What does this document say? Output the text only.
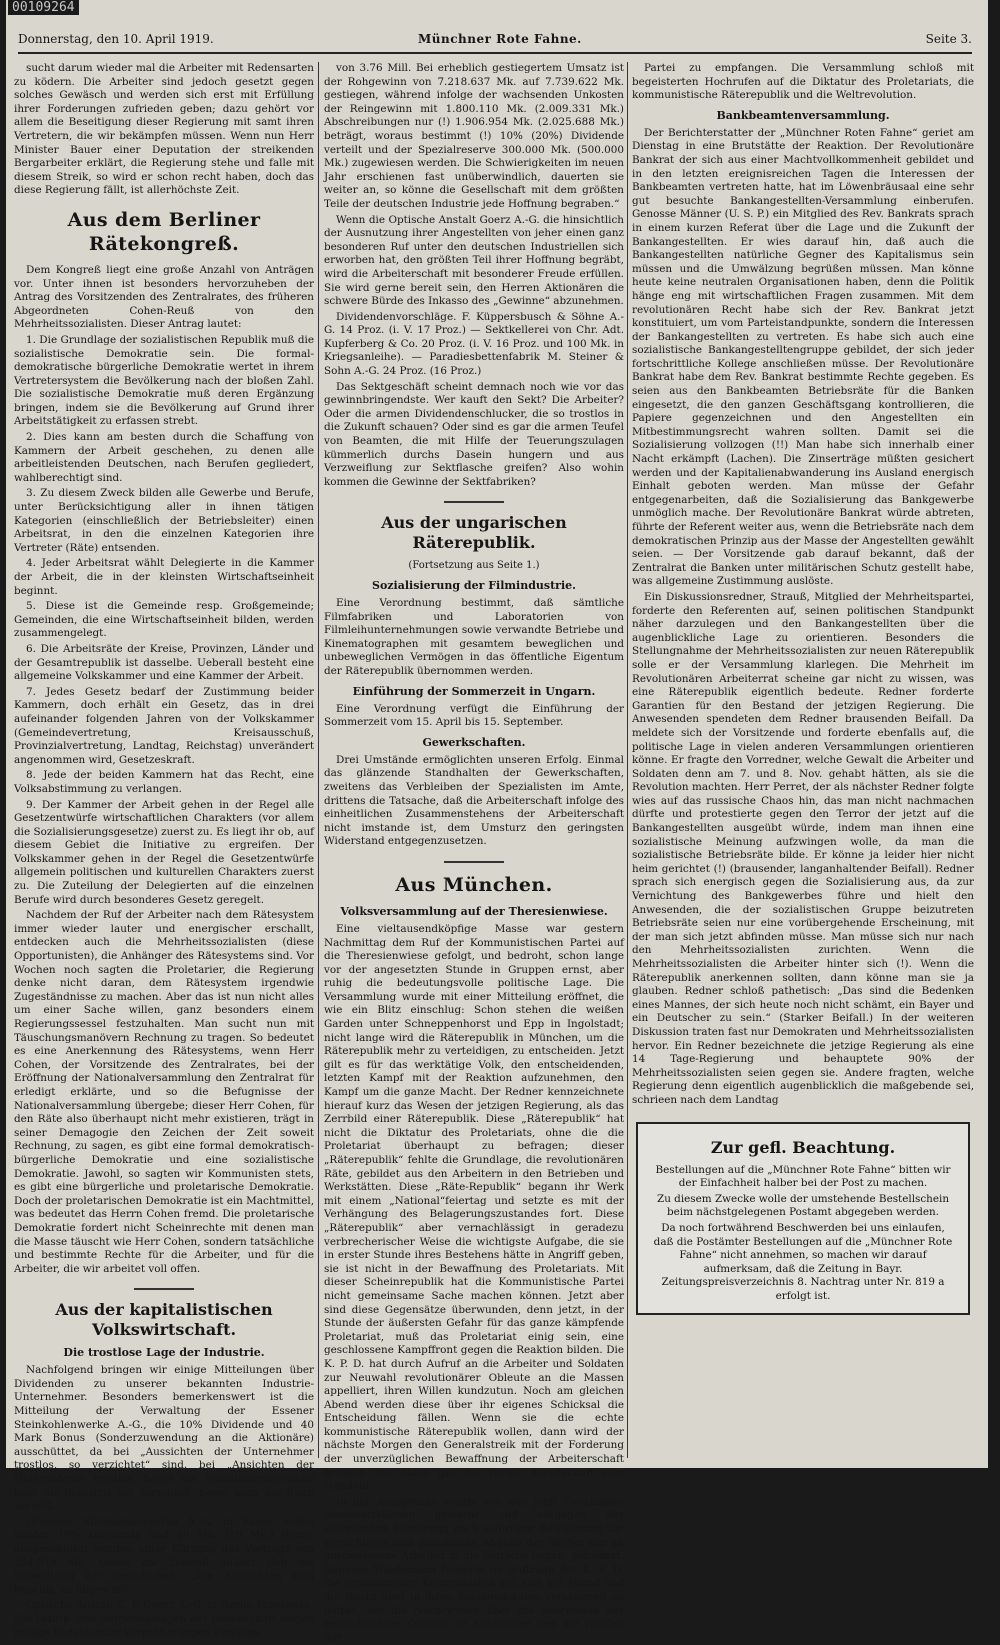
00109264
Donnerstag, den 10. April 1919.	Münchner Rote Fahne.	Seite 3.

sucht darum wieder mal die Arbeiter mit Redensarten zu ködern. Die Arbeiter sind jedoch gesetzt gegen solches Gewäsch und werden sich erst mit Erfüllung ihrer Forderungen zufrieden geben; dazu gehört vor allem die Beseitigung dieser Regierung mit samt ihren Vertretern, die wir bekämpfen müssen. Wenn nun Herr Minister Bauer einer Deputation der streikenden Bergarbeiter erklärt, die Regierung stehe und falle mit diesem Streik, so wird er schon recht haben, doch das diese Regierung fällt, ist allerhöchste Zeit.

Aus dem Berliner Rätekongreß.

Dem Kongreß liegt eine große Anzahl von Anträgen vor. Unter ihnen ist besonders hervorzuheben der Antrag des Vorsitzenden des Zentralrates, des früheren Abgeordneten Cohen-Reuß von den Mehrheitssozialisten. Dieser Antrag lautet:

1. Die Grundlage der sozialistischen Republik muß die sozialistische Demokratie sein. Die formal-demokratische bürgerliche Demokratie wertet in ihrem Vertretersystem die Bevölkerung nach der bloßen Zahl. Die sozialistische Demokratie muß deren Ergänzung bringen, indem sie die Bevölkerung auf Grund ihrer Arbeitstätigkeit zu erfassen strebt.

2. Dies kann am besten durch die Schaffung von Kammern der Arbeit geschehen, zu denen alle arbeitleistenden Deutschen, nach Berufen gegliedert, wahlberechtigt sind.

3. Zu diesem Zweck bilden alle Gewerbe und Berufe, unter Berücksichtigung aller in ihnen tätigen Kategorien (einschließlich der Betriebsleiter) einen Arbeitsrat, in den die einzelnen Kategorien ihre Vertreter (Räte) entsenden.

4. Jeder Arbeitsrat wählt Delegierte in die Kammer der Arbeit, die in der kleinsten Wirtschaftseinheit beginnt.

5. Diese ist die Gemeinde resp. Großgemeinde; Gemeinden, die eine Wirtschaftseinheit bilden, werden zusammengelegt.

6. Die Arbeitsräte der Kreise, Provinzen, Länder und der Gesamtrepublik ist dasselbe. Ueberall besteht eine allgemeine Volkskammer und eine Kammer der Arbeit.

7. Jedes Gesetz bedarf der Zustimmung beider Kammern, doch erhält ein Gesetz, das in drei aufeinander folgenden Jahren von der Volkskammer (Gemeindevertretung, Kreisausschuß, Provinzialvertretung, Landtag, Reichstag) unverändert angenommen wird, Gesetzeskraft.

8. Jede der beiden Kammern hat das Recht, eine Volksabstimmung zu verlangen.

9. Der Kammer der Arbeit gehen in der Regel alle Gesetzentwürfe wirtschaftlichen Charakters (vor allem die Sozialisierungsgesetze) zuerst zu. Es liegt ihr ob, auf diesem Gebiet die Initiative zu ergreifen. Der Volkskammer gehen in der Regel die Gesetzentwürfe allgemein politischen und kulturellen Charakters zuerst zu. Die Zuteilung der Delegierten auf die einzelnen Berufe wird durch besonderes Gesetz geregelt.

Nachdem der Ruf der Arbeiter nach dem Rätesystem immer wieder lauter und energischer erschallt, entdecken auch die Mehrheitssozialisten (diese Opportunisten), die Anhänger des Rätesystems sind. Vor Wochen noch sagten die Proletarier, die Regierung denke nicht daran, dem Rätesystem irgendwie Zugeständnisse zu machen. Aber das ist nun nicht alles um einer Sache willen, ganz besonders einem Regierungssessel festzuhalten. Man sucht nun mit Täuschungsmanövern Rechnung zu tragen. So bedeutet es eine Anerkennung des Rätesystems, wenn Herr Cohen, der Vorsitzende des Zentralrates, bei der Eröffnung der Nationalversammlung den Zentralrat für erledigt erklärte, und so die Befugnisse der Nationalversammlung übergebe; dieser Herr Cohen, für den Räte also überhaupt nicht mehr existieren, trägt in seiner Demagogie den Zeichen der Zeit soweit Rechnung, zu sagen, es gibt eine formal demokratisch-bürgerliche Demokratie und eine sozialistische Demokratie. Jawohl, so sagten wir Kommunisten stets, es gibt eine bürgerliche und proletarische Demokratie. Doch der proletarischen Demokratie ist ein Machtmittel, was bedeutet das Herrn Cohen fremd. Die proletarische Demokratie fordert nicht Scheinrechte mit denen man die Masse täuscht wie Herr Cohen, sondern tatsächliche und bestimmte Rechte für die Arbeiter, und für die Arbeiter, die wir arbeitet voll offen.

Aus der kapitalistischen Volkswirtschaft.
Die trostlose Lage der Industrie.

Nachfolgend bringen wir einige Mitteilungen über Dividenden zu unserer bekannten Industrie-Unternehmer. Besonders bemerkenswert ist die Mitteilung der Verwaltung der Essener Steinkohlenwerke A.-G., die 10% Dividende und 40 Mark Bonus (Sonderzuwendung an die Aktionäre) ausschüttet, da bei „Aussichten der Unternehmer trostlos, so verzichtet“ sind. bei „Ansichten der Unternehmer trostlos, bevor die Sozialisierungswelle über die Industrie vor Torschluß, bevor noch der Raub verteilt.

„Essener Steinkohlenwerke A.-G. in Essen sollen wieder 10% Dividende und 40 Mk. (20 Mk.) Bonus ausgeschüttet werden unter Kürzung des Vortrags von 294,918 Mk. Ueber die Zukunft äußert sich die Verwaltung der Gesellschaft: „Die Aussichten sind trostlos, zu ungewiß!“

Optische Anstalt C. P. Goerz A.-G. in Berlin-Friedenau. Die Fabrik- und Betriebsanlagen der Gesellschaft zeigen infolge bedeutender Vergrößerungen Zugänge

von 3.76 Mill. Bei erheblich gestiegertem Umsatz ist der Rohgewinn von 7.218.637 Mk. auf 7.739.622 Mk. gestiegen, während infolge der wachsenden Unkosten der Reingewinn mit 1.800.110 Mk. (2.009.331 Mk.) Abschreibungen nur (!) 1.906.954 Mk. (2.025.688 Mk.) beträgt, woraus bestimmt (!) 10% (20%) Dividende verteilt und der Spezialreserve 300.000 Mk. (500.000 Mk.) zugewiesen werden. Die Schwierigkeiten im neuen Jahr erschienen fast unüberwindlich, dauerten sie weiter an, so könne die Gesellschaft mit dem größten Teile der deutschen Industrie jede Hoffnung begraben.“

Wenn die Optische Anstalt Goerz A.-G. die hinsichtlich der Ausnutzung ihrer Angestellten von jeher einen ganz besonderen Ruf unter den deutschen Industriellen sich erworben hat, den größten Teil ihrer Hoffnung begräbt, wird die Arbeiterschaft mit besonderer Freude erfüllen. Sie wird gerne bereit sein, den Herren Aktionären die schwere Bürde des Inkasso des „Gewinne“ abzunehmen.

Dividendenvorschläge. F. Küppersbusch & Söhne A.-G. 14 Proz. (i. V. 17 Proz.) — Sektkellerei von Chr. Adt. Kupferberg & Co. 20 Proz. (i. V. 16 Proz. und 100 Mk. in Kriegsanleihe). — Paradiesbettenfabrik M. Steiner & Sohn A.-G. 24 Proz. (16 Proz.)

Das Sektgeschäft scheint demnach noch wie vor das gewinnbringendste. Wer kauft den Sekt? Die Arbeiter? Oder die armen Dividendenschlucker, die so trostlos in die Zukunft schauen? Oder sind es gar die armen Teufel von Beamten, die mit Hilfe der Teuerungszulagen kümmerlich durchs Dasein hungern und aus Verzweiflung zur Sektflasche greifen? Also wohin kommen die Gewinne der Sektfabriken?

Aus der ungarischen Räterepublik.

(Fortsetzung aus Seite 1.)

Sozialisierung der Filmindustrie.

Eine Verordnung bestimmt, daß sämtliche Filmfabriken und Laboratorien von Filmleihunternehmungen sowie verwandte Betriebe und Kinematographen mit gesamtem beweglichen und unbeweglichen Vermögen in das öffentliche Eigentum der Räterepublik übernommen werden.

Einführung der Sommerzeit in Ungarn.

Eine Verordnung verfügt die Einführung der Sommerzeit vom 15. April bis 15. September.

Gewerkschaften.

Drei Umstände ermöglichten unseren Erfolg. Einmal das glänzende Standhalten der Gewerkschaften, zweitens das Verbleiben der Spezialisten im Amte, drittens die Tatsache, daß die Arbeiterschaft infolge des einheitlichen Zusammenstehens der Arbeiterschaft nicht imstande ist, dem Umsturz den geringsten Widerstand entgegenzusetzen.

Aus München.
Volksversammlung auf der Theresienwiese.

Eine vieltausendköpfige Masse war gestern Nachmittag dem Ruf der Kommunistischen Partei auf die Theresienwiese gefolgt, und bedroht, schon lange vor der angesetzten Stunde in Gruppen ernst, aber ruhig die bedeutungsvolle politische Lage. Die Versammlung wurde mit einer Mitteilung eröffnet, die wie ein Blitz einschlug: Schon stehen die weißen Garden unter Schneppenhorst und Epp in Ingolstadt; nicht lange wird die Räterepublik in München, um die Räterepublik mehr zu verteidigen, zu entscheiden. Jetzt gilt es für das werktätige Volk, den entscheidenden, letzten Kampf mit der Reaktion aufzunehmen, den Kampf um die ganze Macht. Der Redner kennzeichnete hierauf kurz das Wesen der jetzigen Regierung, als das Zerrbild einer Räterepublik. Diese „Räterepublik“ hat nicht die Diktatur des Proletariats, ohne die die Proletariat überhaupt zu befragen; dieser „Räterepublik“ fehlte die Grundlage, die revolutionären Räte, gebildet aus den Arbeitern in den Betrieben und Werkstätten. Diese „Räte-Republik“ begann ihr Werk mit einem „National“feiertag und setzte es mit der Verhängung des Belagerungszustandes fort. Diese „Räterepublik“ aber vernachlässigt in geradezu verbrecherischer Weise die wichtigste Aufgabe, die sie in erster Stunde ihres Bestehens hätte in Angriff geben, sie ist nicht in der Bewaffnung des Proletariats. Mit dieser Scheinrepublik hat die Kommunistische Partei nicht gemeinsame Sache machen können. Jetzt aber sind diese Gegensätze überwunden, denn jetzt, in der Stunde der äußersten Gefahr für das ganze kämpfende Proletariat, muß das Proletariat einig sein, eine geschlossene Kampffront gegen die Reaktion bilden. Die K. P. D. hat durch Aufruf an die Arbeiter und Soldaten zur Neuwahl revolutionärer Obleute an die Massen appelliert, ihren Willen kundzutun. Noch am gleichen Abend werden diese über ihr eigenes Schicksal die Entscheidung fällen. Wenn sie die echte kommunistische Räterepublik wollen, dann wird der nächste Morgen den Generalstreik mit der Forderung der unverzüglichen Bewaffnung der Arbeiterschaft bringen. Bis dahin gilt die Parole Bereitschaft zum Handeln.

In der Aussprache wurde von den jetzt zwecklosen Demonstrationen gewarnt und entgegen der stürmischen Forderung nach sofortiger Bewaffnung zur vorsichtigen und geordneten Abgabe der Waffen nur an ausgewiesene Arbeiter in die Betriebe begab, gefordert. Genosse Wiedemann forderte im Auftrage der K. P. D. die versammelten Kommunisten auf, sich bei Abend und die Nacht über in ihren Sektionslokalen versammelt zu halten, um die Nachrichten über die Beschlüsse der revolutionären Obleute im Kindlkeller und die Parolen der

Partei zu empfangen. Die Versammlung schloß mit begeisterten Hochrufen auf die Diktatur des Proletariats, die kommunistische Räterepublik und die Weltrevolution.

Bankbeamtenversammlung.

Der Berichterstatter der „Münchner Roten Fahne“ geriet am Dienstag in eine Brutstätte der Reaktion. Der Revolutionäre Bankrat der sich aus einer Machtvollkommenheit gebildet und in den letzten ereignisreichen Tagen die Interessen der Bankbeamten vertreten hatte, hat im Löwenbräusaal eine sehr gut besuchte Bankangestellten-Versammlung einberufen. Genosse Männer (U. S. P.) ein Mitglied des Rev. Bankrats sprach in einem kurzen Referat über die Lage und die Zukunft der Bankangestellten. Er wies darauf hin, daß auch die Bankangestellten natürliche Gegner des Kapitalismus sein müssen und die Umwälzung begrüßen müssen. Man könne heute keine neutralen Organisationen haben, denn die Politik hänge eng mit wirtschaftlichen Fragen zusammen. Mit dem revolutionären Recht habe sich der Rev. Bankrat jetzt konstituiert, um vom Parteistandpunkte, sondern die Interessen der Bankangestellten zu vertreten. Es habe sich auch eine sozialistische Bankangestelltengruppe gebildet, der sich jeder fortschrittliche Kollege anschließen müsse. Der Revolutionäre Bankrat habe dem Rev. Bankrat bestimmte Rechte gegeben. Es seien aus den Bankbeamten Betriebsräte für die Banken eingesetzt, die den ganzen Geschäftsgang kontrollieren, die Papiere gegenzeichnen und den Angestellten ein Mitbestimmungsrecht wahren sollten. Damit sei die Sozialisierung vollzogen (!!) Man habe sich innerhalb einer Nacht erkämpft (Lachen). Die Zinserträge müßten gesichert werden und der Kapitalienabwanderung ins Ausland energisch Einhalt geboten werden. Man müsse der Gefahr entgegenarbeiten, daß die Sozialisierung das Bankgewerbe unmöglich mache. Der Revolutionäre Bankrat würde abtreten, führte der Referent weiter aus, wenn die Betriebsräte nach dem demokratischen Prinzip aus der Masse der Angestellten gewählt seien. — Der Vorsitzende gab darauf bekannt, daß der Zentralrat die Banken unter militärischen Schutz gestellt habe, was allgemeine Zustimmung auslöste.

Ein Diskussionsredner, Strauß, Mitglied der Mehrheitspartei, forderte den Referenten auf, seinen politischen Standpunkt näher darzulegen und den Bankangestellten über die augenblickliche Lage zu orientieren. Besonders die Stellungnahme der Mehrheitssozialisten zur neuen Räterepublik solle er der Versammlung klarlegen. Die Mehrheit im Revolutionären Arbeiterrat scheine gar nicht zu wissen, was eine Räterepublik eigentlich bedeute. Redner forderte Garantien für den Bestand der jetzigen Regierung. Die Anwesenden spendeten dem Redner brausenden Beifall. Da meldete sich der Vorsitzende und forderte ebenfalls auf, die politische Lage in vielen anderen Versammlungen orientieren könne. Er fragte den Vorredner, welche Gewalt die Arbeiter und Soldaten denn am 7. und 8. Nov. gehabt hätten, als sie die Revolution machten. Herr Perret, der als nächster Redner folgte wies auf das russische Chaos hin, das man nicht nachmachen dürfte und protestierte gegen den Terror der jetzt auf die Bankangestellten ausgeübt würde, indem man ihnen eine sozialistische Meinung aufzwingen wolle, da man die sozialistische Betriebsräte bilde. Er könne ja leider hier nicht heim gerichtet (!) (brausender, langanhaltender Beifall). Redner sprach sich energisch gegen die Sozialisierung aus, da zur Vernichtung des Bankgewerbes führe und hielt den Anwesenden, die der sozialistischen Gruppe beizutreten Betriebsräte seien nur eine vorübergehende Erscheinung, mit der man sich jetzt abfinden müsse. Man müsse sich nur nach den Mehrheitssozialisten zurichten. Wenn die Mehrheitssozialisten die Arbeiter hinter sich (!). Wenn die Räterepublik anerkennen sollten, dann könne man sie ja glauben. Redner schloß pathetisch: „Das sind die Bedenken eines Mannes, der sich heute noch nicht schämt, ein Bayer und ein Deutscher zu sein.“ (Starker Beifall.) In der weiteren Diskussion traten fast nur Demokraten und Mehrheitssozialisten hervor. Ein Redner bezeichnete die jetzige Regierung als eine 14 Tage-Regierung und behauptete 90% der Mehrheitssozialisten seien gegen sie. Andere fragten, welche Regierung denn eigentlich augenblicklich die maßgebende sei, schrieen nach dem Landtag

Zur gefl. Beachtung.

Bestellungen auf die „Münchner Rote Fahne“ bitten wir der Einfachheit halber bei der Post zu machen.

Zu diesem Zwecke wolle der umstehende Bestellschein beim nächstgelegenen Postamt abgegeben werden.

Da noch fortwährend Beschwerden bei uns einlaufen, daß die Postämter Bestellungen auf die „Münchner Rote Fahne“ nicht annehmen, so machen wir darauf aufmerksam, daß die Zeitung in Bayr. Zeitungspreisverzeichnis 8. Nachtrag unter Nr. 819 a erfolgt ist.
